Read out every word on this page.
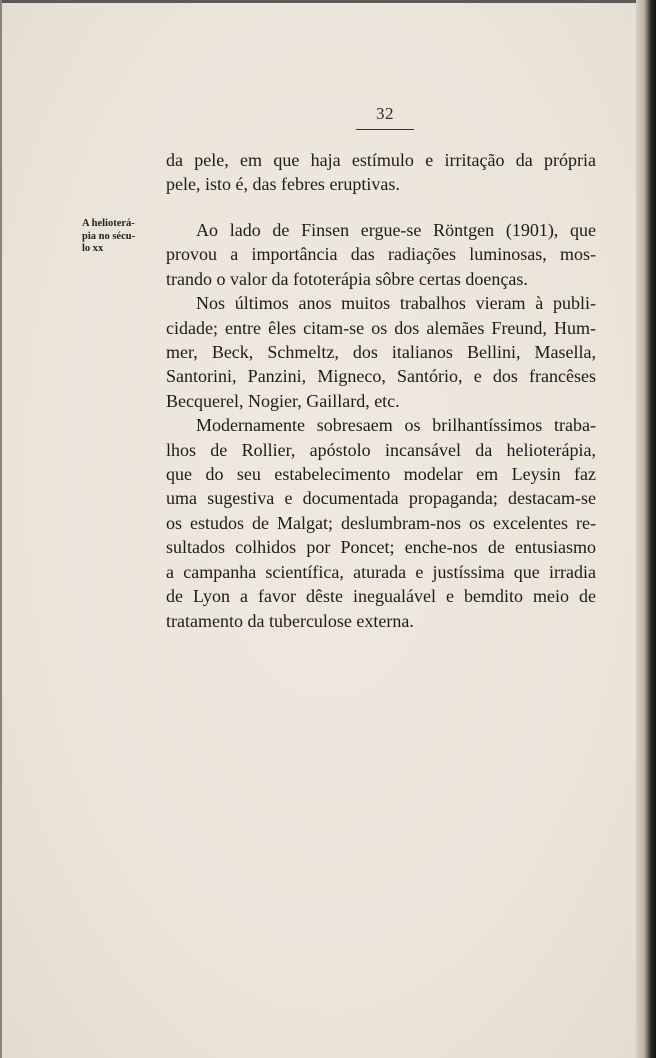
32
A helioterá-
pia no sécu-
lo xx
da pele, em que haja estímulo e irritação da própria
pele, isto é, das febres eruptivas.
Ao lado de Finsen ergue-se Röntgen (1901), que
provou a importância das radiações luminosas, mos-
trando o valor da fototerápia sôbre certas doenças.
Nos últimos anos muitos trabalhos vieram à publi-
cidade; entre êles citam-se os dos alemães Freund, Hum-
mer, Beck, Schmeltz, dos italianos Bellini, Masella,
Santorini, Panzini, Migneco, Santório, e dos francêses
Becquerel, Nogier, Gaillard, etc.
Modernamente sobresaem os brilhantíssimos traba-
lhos de Rollier, apóstolo incansável da helioterápia,
que do seu estabelecimento modelar em Leysin faz
uma sugestiva e documentada propaganda; destacam-se
os estudos de Malgat; deslumbram-nos os excelentes re-
sultados colhidos por Poncet; enche-nos de entusiasmo
a campanha scientífica, aturada e justíssima que irradia
de Lyon a favor dêste inegualável e bemdito meio de
tratamento da tuberculose externa.
